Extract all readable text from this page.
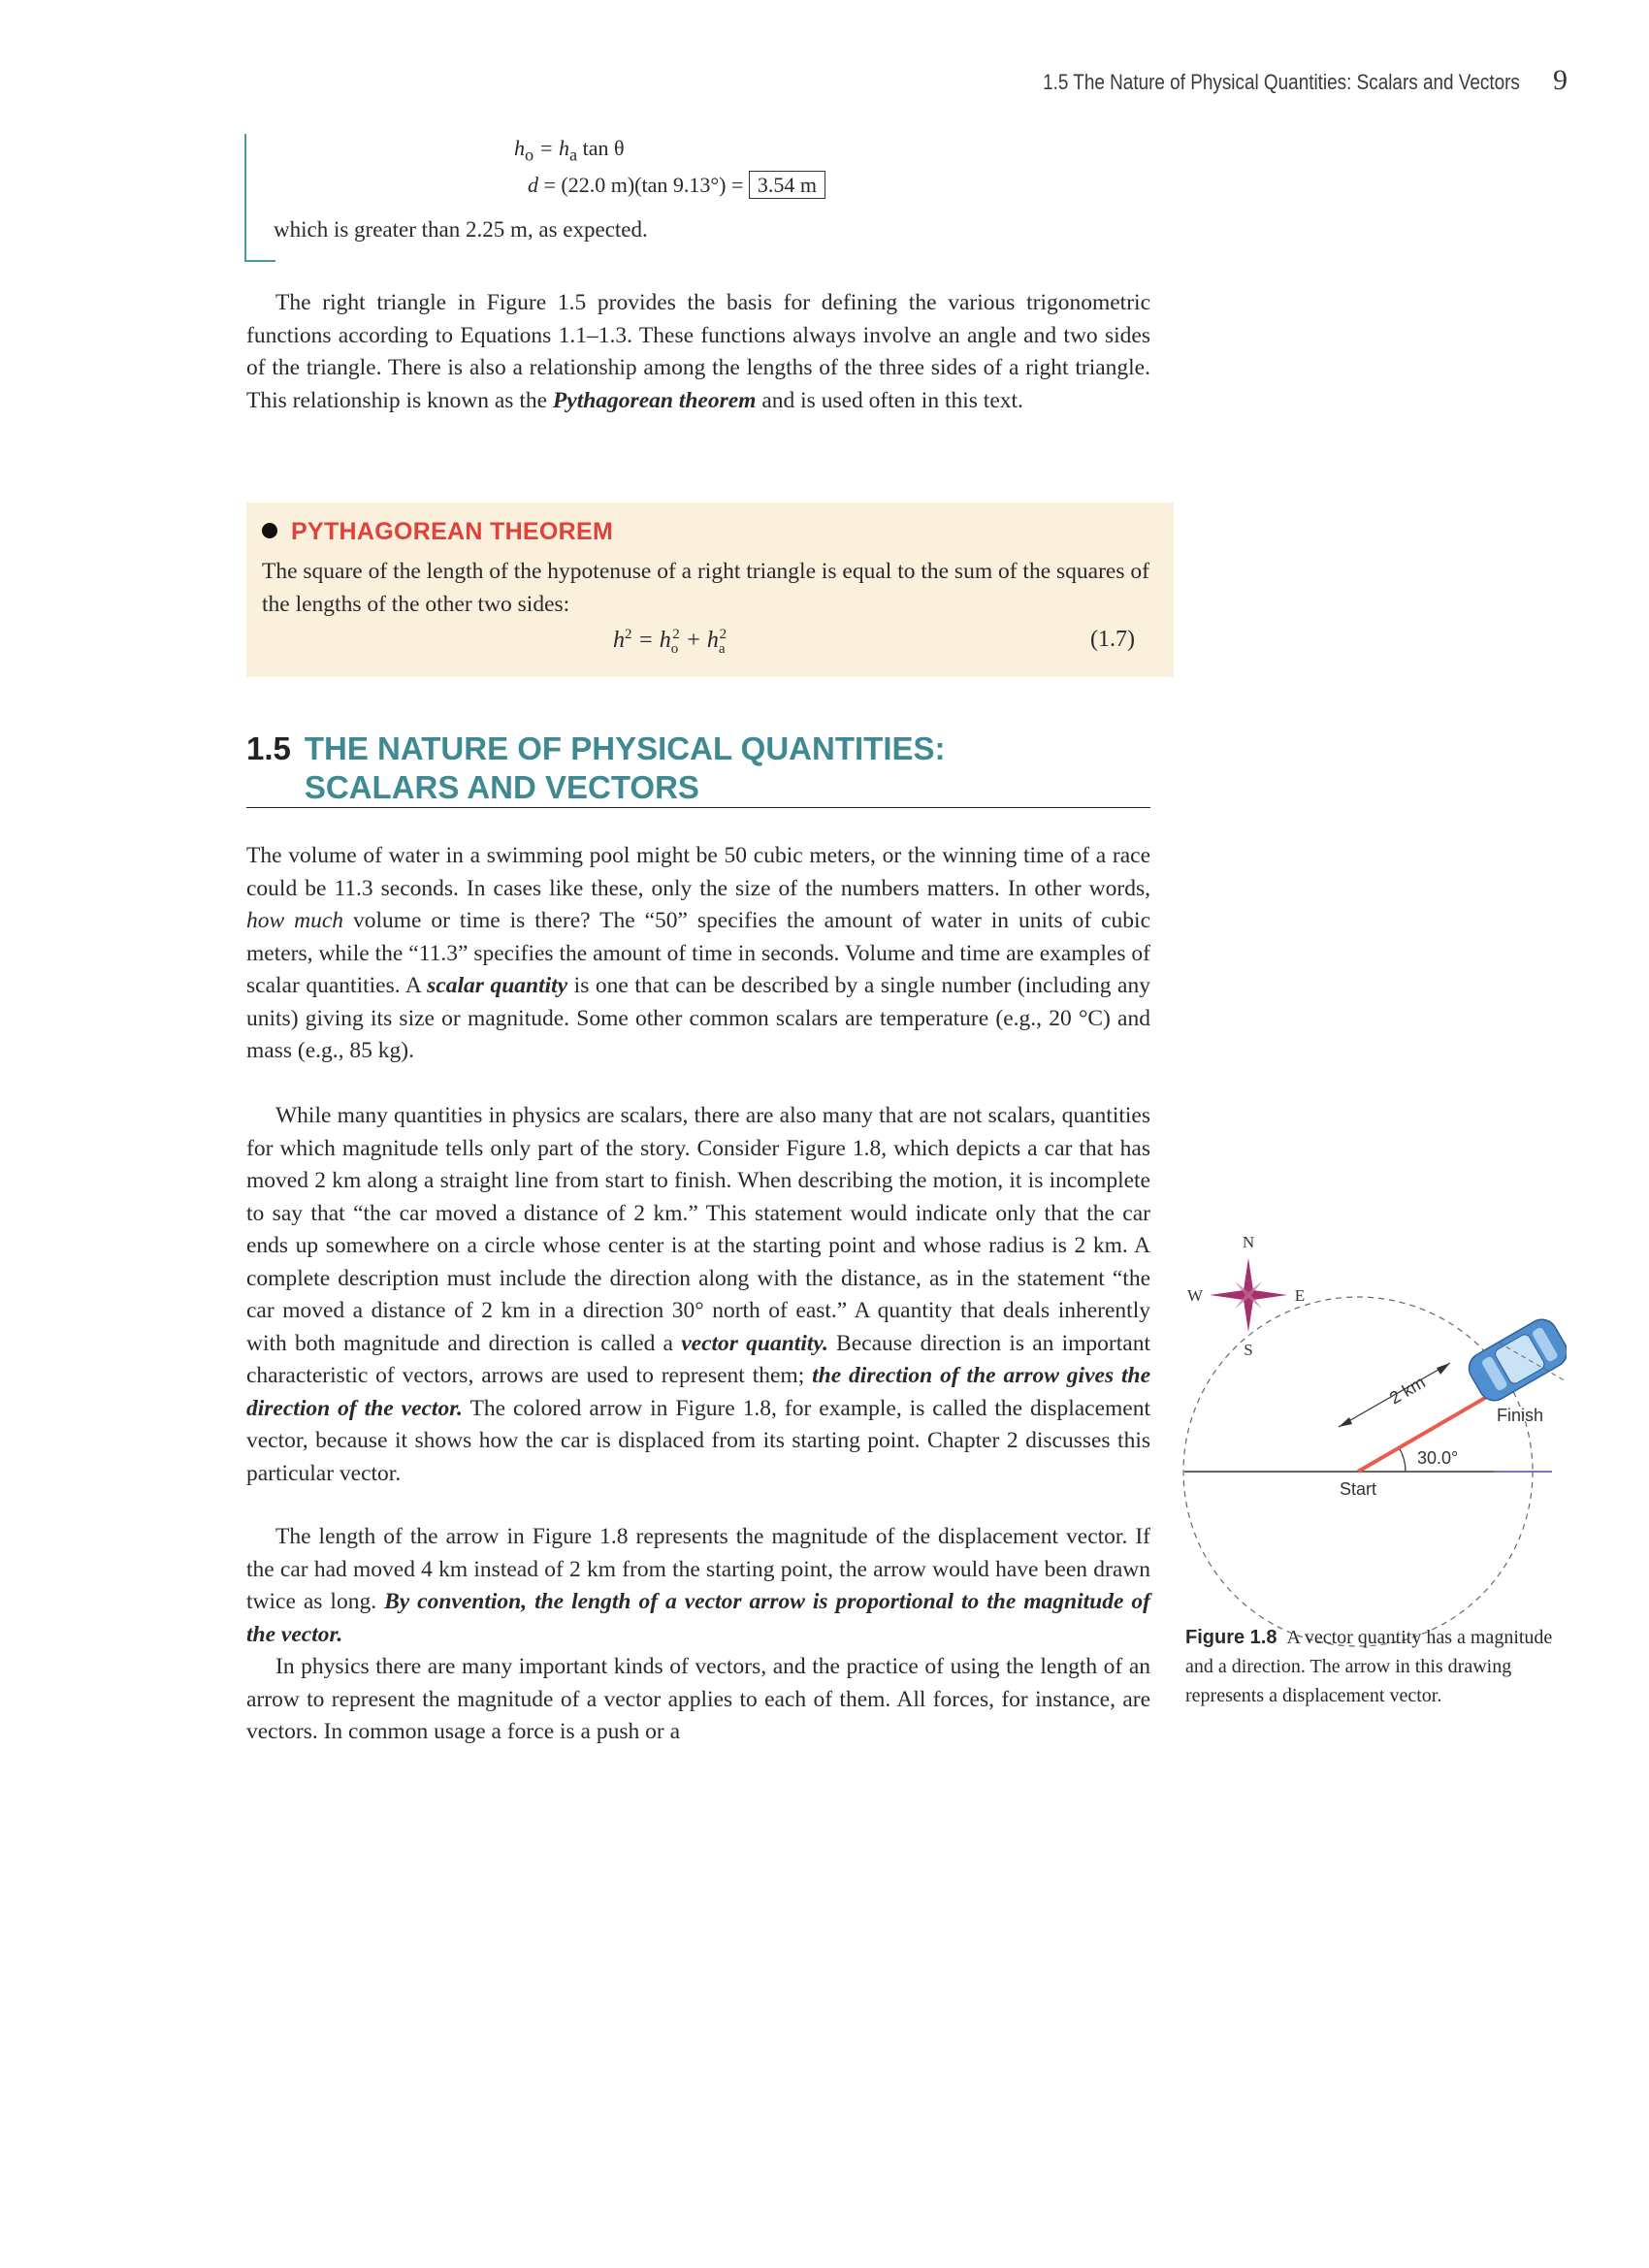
1.5 The Nature of Physical Quantities: Scalars and Vectors 9
$h_o = h_a$ tan θ
d = (22.0 m)(tan 9.13°) = 3.54 m
which is greater than 2.25 m, as expected.
The right triangle in Figure 1.5 provides the basis for defining the various trigonometric functions according to Equations 1.1–1.3. These functions always involve an angle and two sides of the triangle. There is also a relationship among the lengths of the three sides of a right triangle. This relationship is known as the Pythagorean theorem and is used often in this text.
PYTHAGOREAN THEOREM
The square of the length of the hypotenuse of a right triangle is equal to the sum of the squares of the lengths of the other two sides:
$h^2 = h_o^2 + h_a^2$	(1.7)
1.5 THE NATURE OF PHYSICAL QUANTITIES: SCALARS AND VECTORS
The volume of water in a swimming pool might be 50 cubic meters, or the winning time of a race could be 11.3 seconds. In cases like these, only the size of the numbers matters. In other words, how much volume or time is there? The “50” specifies the amount of water in units of cubic meters, while the “11.3” specifies the amount of time in seconds. Volume and time are examples of scalar quantities. A scalar quantity is one that can be described by a single number (including any units) giving its size or magnitude. Some other common scalars are temperature (e.g., 20 °C) and mass (e.g., 85 kg).
While many quantities in physics are scalars, there are also many that are not scalars, quantities for which magnitude tells only part of the story. Consider Figure 1.8, which depicts a car that has moved 2 km along a straight line from start to finish. When describing the motion, it is incomplete to say that “the car moved a distance of 2 km.” This statement would indicate only that the car ends up somewhere on a circle whose center is at the starting point and whose radius is 2 km. A complete description must include the direction along with the distance, as in the statement “the car moved a distance of 2 km in a direction 30° north of east.” A quantity that deals inherently with both magnitude and direction is called a vector quantity. Because direction is an important characteristic of vectors, arrows are used to represent them; the direction of the arrow gives the direction of the vector. The colored arrow in Figure 1.8, for example, is called the displacement vector, because it shows how the car is displaced from its starting point. Chapter 2 discusses this particular vector.
The length of the arrow in Figure 1.8 represents the magnitude of the displacement vector. If the car had moved 4 km instead of 2 km from the starting point, the arrow would have been drawn twice as long. By convention, the length of a vector arrow is proportional to the magnitude of the vector.
In physics there are many important kinds of vectors, and the practice of using the length of an arrow to represent the magnitude of a vector applies to each of them. All forces, for instance, are vectors. In common usage a force is a push or a
N
S
E
W
2 km
30.0°
Start
Finish
Figure 1.8 A vector quantity has a magnitude and a direction. The arrow in this drawing represents a displacement vector.
